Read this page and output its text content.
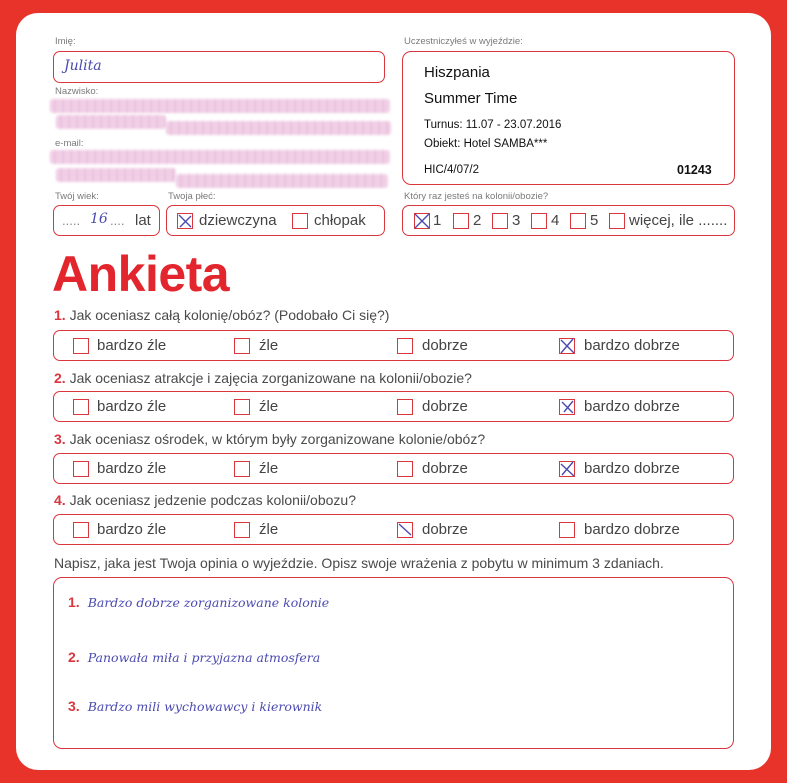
Imię:
Julita
Nazwisko:
e-mail:
Twój wiek:
..... 16 .... lat
Twoja płeć:
dziewczyna chłopak
Uczestniczyłeś w wyjeździe:
Hiszpania
Summer Time
Turnus: 11.07 - 23.07.2016
Obiekt: Hotel SAMBA***
HIC/4/07/2	01243
Który raz jesteś na kolonii/obozie?
1 2 3 4 5 więcej, ile .......
Ankieta
1. Jak oceniasz całą kolonię/obóz? (Podobało Ci się?)
bardzo źle	źle	dobrze	bardzo dobrze
2. Jak oceniasz atrakcje i zajęcia zorganizowane na kolonii/obozie?
bardzo źle	źle	dobrze	bardzo dobrze
3. Jak oceniasz ośrodek, w którym były zorganizowane kolonie/obóz?
bardzo źle	źle	dobrze	bardzo dobrze
4. Jak oceniasz jedzenie podczas kolonii/obozu?
bardzo źle	źle	dobrze	bardzo dobrze
Napisz, jaka jest Twoja opinia o wyjeździe. Opisz swoje wrażenia z pobytu w minimum 3 zdaniach.
1. Bardzo dobrze zorganizowane kolonie
2. Panowała miła i przyjazna atmosfera
3. Bardzo mili wychowawcy i kierownik
